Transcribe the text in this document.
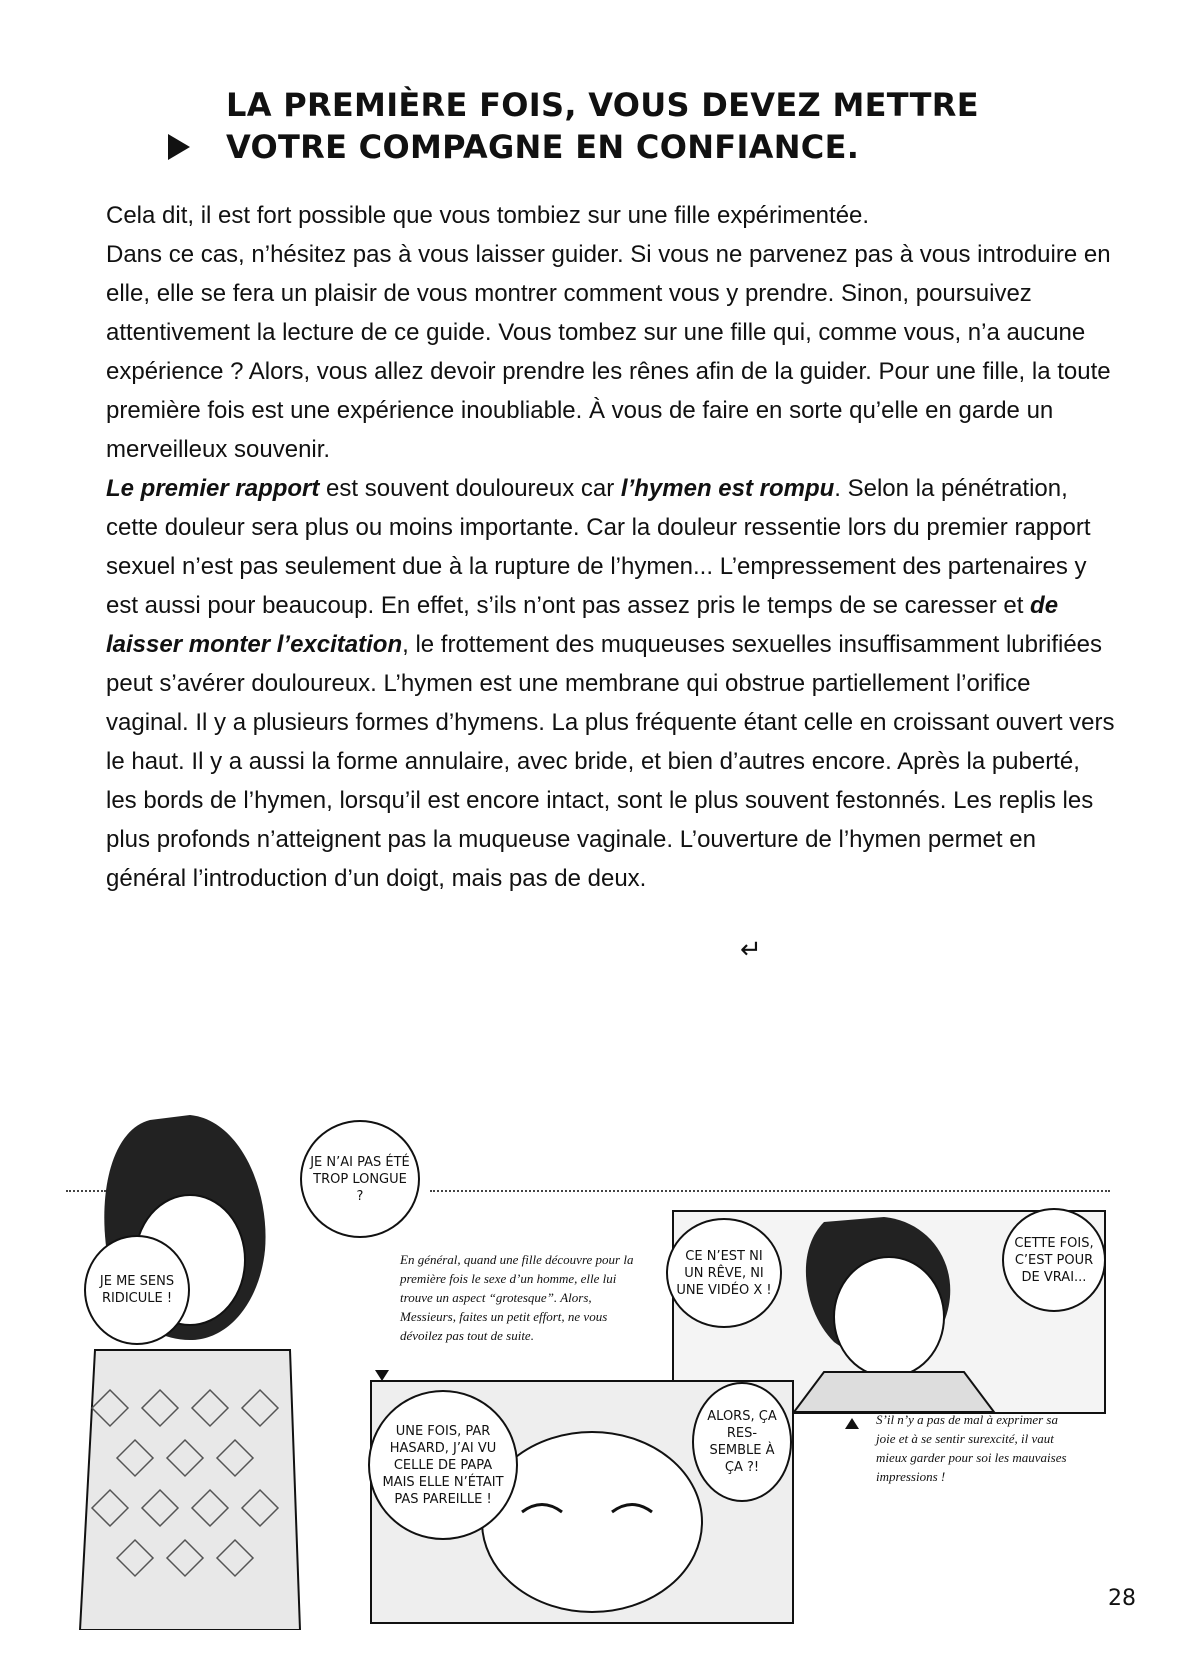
LA PREMIÈRE FOIS, VOUS DEVEZ METTRE
VOTRE COMPAGNE EN CONFIANCE.

Cela dit, il est fort possible que vous tombiez sur une fille expérimentée.

Dans ce cas, n’hésitez pas à vous laisser guider. Si vous ne parvenez pas à vous introduire en elle, elle se fera un plaisir de vous montrer comment vous y prendre. Sinon, poursuivez attentivement la lecture de ce guide. Vous tombez sur une fille qui, comme vous, n’a aucune expérience ? Alors, vous allez devoir prendre les rênes afin de la guider. Pour une fille, la toute première fois est une expérience inoubliable. À vous de faire en sorte qu’elle en garde un merveilleux souvenir.

Le premier rapport est souvent douloureux car l’hymen est rompu. Selon la pénétration, cette douleur sera plus ou moins importante. Car la douleur ressentie lors du premier rapport sexuel n’est pas seulement due à la rupture de l’hymen... L’empressement des partenaires y est aussi pour beaucoup. En effet, s’ils n’ont pas assez pris le temps de se caresser et de laisser monter l’excitation, le frottement des muqueuses sexuelles insuffisamment lubrifiées peut s’avérer douloureux. L’hymen est une membrane qui obstrue partiellement l’orifice vaginal. Il y a plusieurs formes d’hymens. La plus fréquente étant celle en croissant ouvert vers le haut. Il y a aussi la forme annulaire, avec bride, et bien d’autres encore. Après la puberté, les bords de l’hymen, lorsqu’il est encore intact, sont le plus souvent festonnés. Les replis les plus profonds n’atteignent pas la muqueuse vaginale. L’ouverture de l’hymen permet en général l’introduction d’un doigt, mais pas de deux.

↵
JE N’AI PAS ÉTÉ TROP LONGUE ?
JE ME SENS RIDICULE !
En général, quand une fille découvre pour la première fois le sexe d’un homme, elle lui trouve un aspect “grotesque”. Alors, Messieurs, faites un petit effort, ne vous dévoilez pas tout de suite.
CE N’EST NI UN RÊVE, NI UNE VIDÉO X !
CETTE FOIS, C’EST POUR DE VRAI...
UNE FOIS, PAR HASARD, J’AI VU CELLE DE PAPA MAIS ELLE N’ÉTAIT PAS PAREILLE !
ALORS, ÇA RES-SEMBLE À ÇA ?!
S’il n’y a pas de mal à exprimer sa joie et à se sentir surexcité, il vaut mieux garder pour soi les mauvaises impressions !
28
